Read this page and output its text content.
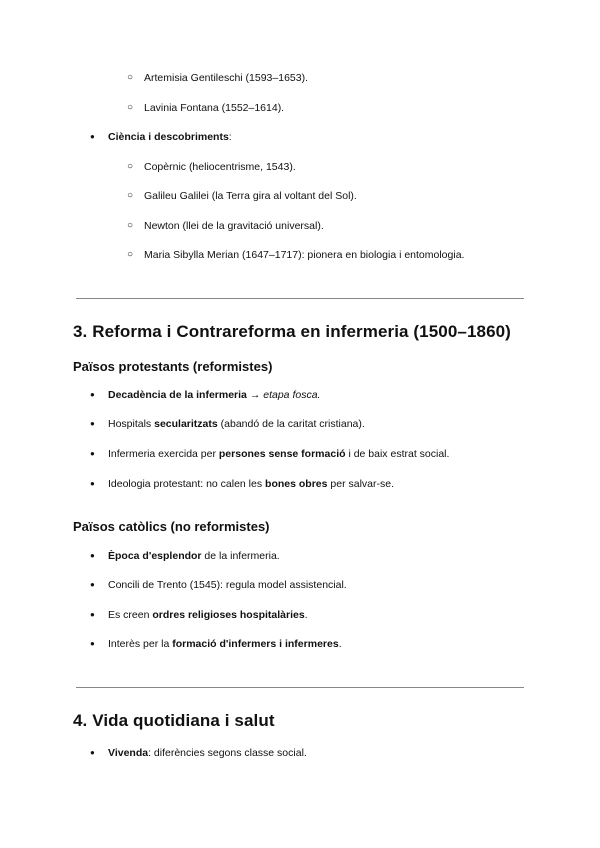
○ Artemisia Gentileschi (1593–1653).
○ Lavinia Fontana (1552–1614).
● Ciència i descobriments:
○ Copèrnic (heliocentrisme, 1543).
○ Galileu Galilei (la Terra gira al voltant del Sol).
○ Newton (llei de la gravitació universal).
○ Maria Sibylla Merian (1647–1717): pionera en biologia i entomologia.
3. Reforma i Contrareforma en infermeria (1500–1860)
Països protestants (reformistes)
● Decadència de la infermeria → etapa fosca.
● Hospitals secularitzats (abandó de la caritat cristiana).
● Infermeria exercida per persones sense formació i de baix estrat social.
● Ideologia protestant: no calen les bones obres per salvar-se.
Països catòlics (no reformistes)
● Època d'esplendor de la infermeria.
● Concili de Trento (1545): regula model assistencial.
● Es creen ordres religioses hospitalàries.
● Interès per la formació d'infermers i infermeres.
4. Vida quotidiana i salut
● Vivenda: diferències segons classe social.
